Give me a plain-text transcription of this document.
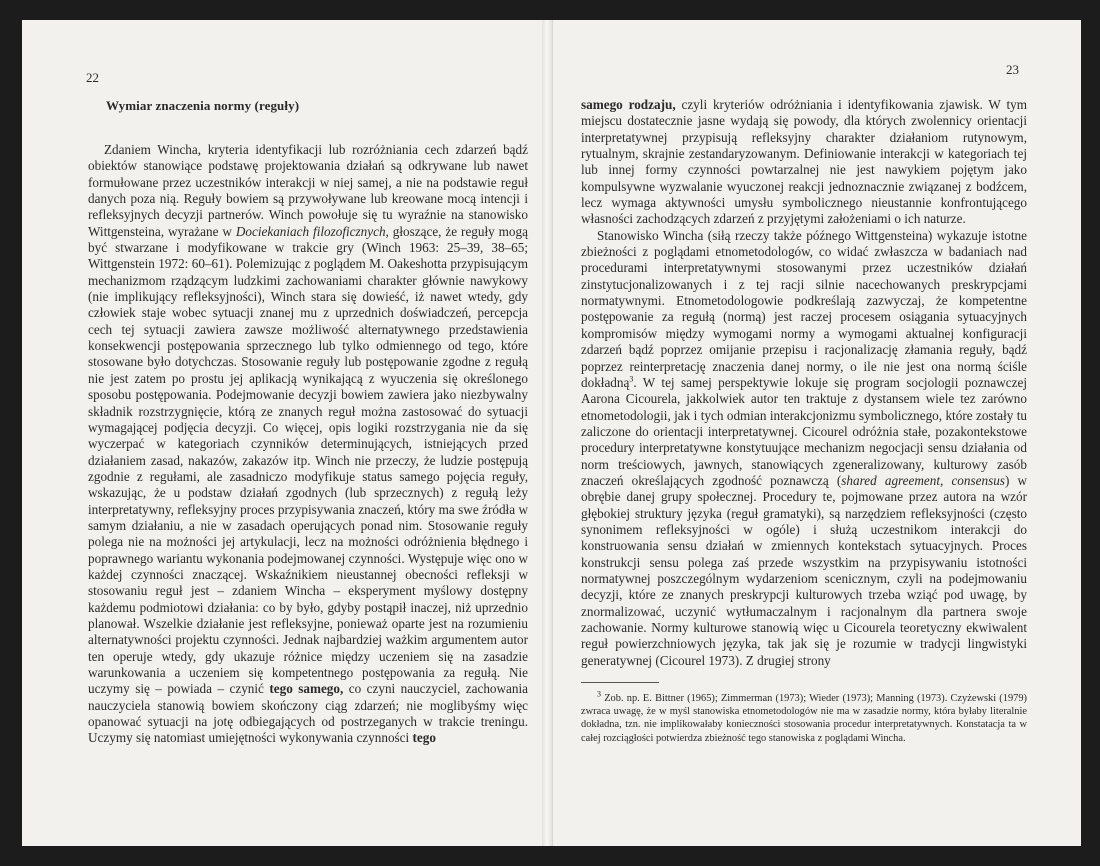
22
Wymiar znaczenia normy (reguły)

Zdaniem Wincha, kryteria identyfikacji lub rozróżniania cech zdarzeń bądź obiektów stanowiące podstawę projektowania działań są odkrywane lub nawet formułowane przez uczestników interakcji w niej samej, a nie na podstawie reguł danych poza nią. Reguły bowiem są przywoływane lub kreowane mocą intencji i refleksyjnych decyzji partnerów. Winch powołuje się tu wyraźnie na stanowisko Wittgensteina, wyrażane w Dociekaniach filozoficznych, głoszące, że reguły mogą być stwarzane i modyfikowane w trakcie gry (Winch 1963: 25–39, 38–65; Wittgenstein 1972: 60–61). Polemizując z poglądem M. Oakeshotta przypisującym mechanizmom rządzącym ludzkimi zachowaniami charakter głównie nawykowy (nie implikujący refleksyjności), Winch stara się dowieść, iż nawet wtedy, gdy człowiek staje wobec sytuacji znanej mu z uprzednich doświadczeń, percepcja cech tej sytuacji zawiera zawsze możliwość alternatywnego przedstawienia konsekwencji postępowania sprzecznego lub tylko odmiennego od tego, które stosowane było dotychczas. Stosowanie reguły lub postępowanie zgodne z regułą nie jest zatem po prostu jej aplikacją wynikającą z wyuczenia się określonego sposobu postępowania. Podejmowanie decyzji bowiem zawiera jako niezbywalny składnik rozstrzygnięcie, którą ze znanych reguł można zastosować do sytuacji wymagającej podjęcia decyzji. Co więcej, opis logiki rozstrzygania nie da się wyczerpać w kategoriach czynników determinujących, istniejących przed działaniem zasad, nakazów, zakazów itp. Winch nie przeczy, że ludzie postępują zgodnie z regułami, ale zasadniczo modyfikuje status samego pojęcia reguły, wskazując, że u podstaw działań zgodnych (lub sprzecznych) z regułą leży interpretatywny, refleksyjny proces przypisywania znaczeń, który ma swe źródła w samym działaniu, a nie w zasadach operujących ponad nim. Stosowanie reguły polega nie na możności jej artykulacji, lecz na możności odróżnienia błędnego i poprawnego wariantu wykonania podejmowanej czynności. Występuje więc ono w każdej czynności znaczącej. Wskaźnikiem nieustannej obecności refleksji w stosowaniu reguł jest – zdaniem Wincha – eksperyment myślowy dostępny każdemu podmiotowi działania: co by było, gdyby postąpił inaczej, niż uprzednio planował. Wszelkie działanie jest refleksyjne, ponieważ oparte jest na rozumieniu alternatywności projektu czynności. Jednak najbardziej ważkim argumentem autor ten operuje wtedy, gdy ukazuje różnice między uczeniem się na zasadzie warunkowania a uczeniem się kompetentnego postępowania za regułą. Nie uczymy się – powiada – czynić tego samego, co czyni nauczyciel, zachowania nauczyciela stanowią bowiem skończony ciąg zdarzeń; nie moglibyśmy więc opanować sytuacji na jotę odbiegających od postrzeganych w trakcie treningu. Uczymy się natomiast umiejętności wykonywania czynności tego

23

samego rodzaju, czyli kryteriów odróżniania i identyfikowania zjawisk. W tym miejscu dostatecznie jasne wydają się powody, dla których zwolennicy orientacji interpretatywnej przypisują refleksyjny charakter działaniom rutynowym, rytualnym, skrajnie zestandaryzowanym. Definiowanie interakcji w kategoriach tej lub innej formy czynności powtarzalnej nie jest nawykiem pojętym jako kompulsywne wyzwalanie wyuczonej reakcji jednoznacznie związanej z bodźcem, lecz wymaga aktywności umysłu symbolicznego nieustannie konfrontującego własności zachodzących zdarzeń z przyjętymi założeniami o ich naturze.

Stanowisko Wincha (siłą rzeczy także późnego Wittgensteina) wykazuje istotne zbieżności z poglądami etnometodologów, co widać zwłaszcza w badaniach nad procedurami interpretatywnymi stosowanymi przez uczestników działań zinstytucjonalizowanych i z tej racji silnie nacechowanych preskrypcjami normatywnymi. Etnometodologowie podkreślają zazwyczaj, że kompetentne postępowanie za regułą (normą) jest raczej procesem osiągania sytuacyjnych kompromisów między wymogami normy a wymogami aktualnej konfiguracji zdarzeń bądź poprzez omijanie przepisu i racjonalizację złamania reguły, bądź poprzez reinterpretację znaczenia danej normy, o ile nie jest ona normą ściśle dokładną$^3$. W tej samej perspektywie lokuje się program socjologii poznawczej Aarona Cicourela, jakkolwiek autor ten traktuje z dystansem wiele tez zarówno etnometodologii, jak i tych odmian interakcjonizmu symbolicznego, które zostały tu zaliczone do orientacji interpretatywnej. Cicourel odróżnia stałe, pozakontekstowe procedury interpretatywne konstytuujące mechanizm negocjacji sensu działania od norm treściowych, jawnych, stanowiących zgeneralizowany, kulturowy zasób znaczeń określających zgodność poznawczą (shared agreement, consensus) w obrębie danej grupy społecznej. Procedury te, pojmowane przez autora na wzór głębokiej struktury języka (reguł gramatyki), są narzędziem refleksyjności (często synonimem refleksyjności w ogóle) i służą uczestnikom interakcji do konstruowania sensu działań w zmiennych kontekstach sytuacyjnych. Proces konstrukcji sensu polega zaś przede wszystkim na przypisywaniu istotności normatywnej poszczególnym wydarzeniom scenicznym, czyli na podejmowaniu decyzji, które ze znanych preskrypcji kulturowych trzeba wziąć pod uwagę, by znormalizować, uczynić wytłumaczalnym i racjonalnym dla partnera swoje zachowanie. Normy kulturowe stanowią więc u Cicourela teoretyczny ekwiwalent reguł powierzchniowych języka, tak jak się je rozumie w tradycji lingwistyki generatywnej (Cicourel 1973). Z drugiej strony

$^3$ Zob. np. E. Bittner (1965); Zimmerman (1973); Wieder (1973); Manning (1973). Czyżewski (1979) zwraca uwagę, że w myśl stanowiska etnometodologów nie ma w zasadzie normy, która byłaby literalnie dokładna, tzn. nie implikowałaby konieczności stosowania procedur interpretatywnych. Konstatacja ta w całej rozciągłości potwierdza zbieżność tego stanowiska z poglądami Wincha.
